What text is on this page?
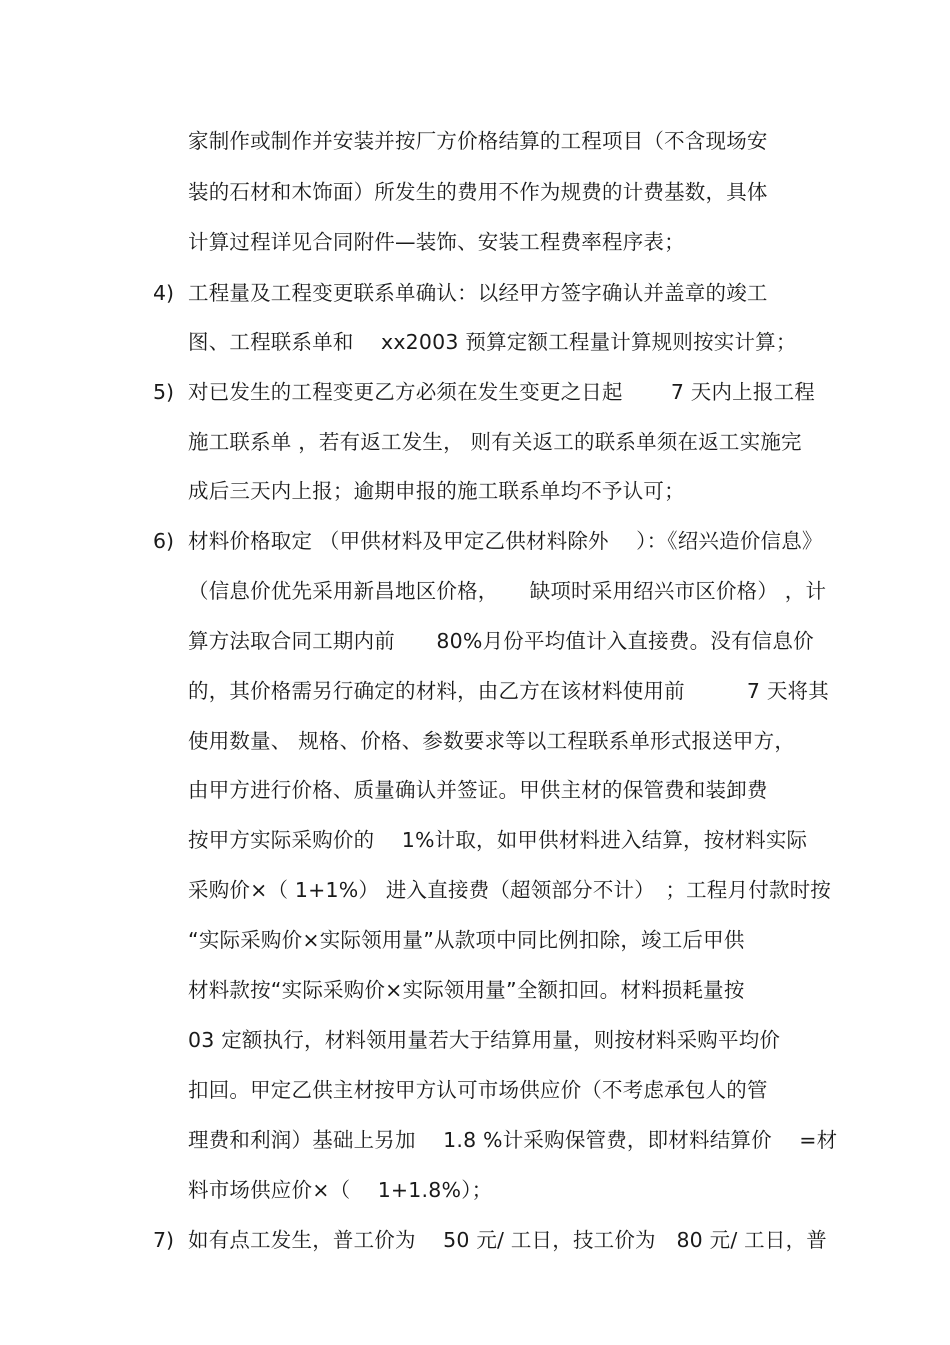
家制作或制作并安装并按厂方价格结算的工程项目（不含现场安
装的石材和木饰面）所发生的费用不作为规费的计费基数，具体
计算过程详见合同附件—装饰、安装工程费率程序表；
4) 工程量及工程变更联系单确认：以经甲方签字确认并盖章的竣工
图、工程联系单和　 xx2003 预算定额工程量计算规则按实计算；
5) 对已发生的工程变更乙方必须在发生变更之日起　　 7 天内上报工程
施工联系单 ，若有返工发生， 则有关返工的联系单须在返工实施完
成后三天内上报；逾期申报的施工联系单均不予认可；
6) 材料价格取定 （甲供材料及甲定乙供材料除外　 ）：《绍兴造价信息》
（信息价优先采用新昌地区价格，　　缺项时采用绍兴市区价格） ，计
算方法取合同工期内前　　80%月份平均值计入直接费。没有信息价
的，其价格需另行确定的材料，由乙方在该材料使用前　　　7 天将其
使用数量、 规格、价格、参数要求等以工程联系单形式报送甲方，
由甲方进行价格、质量确认并签证。甲供主材的保管费和装卸费
按甲方实际采购价的　 1%计取，如甲供材料进入结算，按材料实际
采购价×（ 1+1%） 进入直接费（超领部分不计）　；工程月付款时按
“实际采购价×实际领用量”从款项中同比例扣除，竣工后甲供
材料款按“实际采购价×实际领用量”全额扣回。材料损耗量按
03 定额执行，材料领用量若大于结算用量，则按材料采购平均价
扣回。甲定乙供主材按甲方认可市场供应价（不考虑承包人的管
理费和利润）基础上另加　 1.8 %计采购保管费，即材料结算价　 =材
料市场供应价×（　 1+1.8%）；
7) 如有点工发生，普工价为　 50 元/ 工日，技工价为　80 元/ 工日，普
